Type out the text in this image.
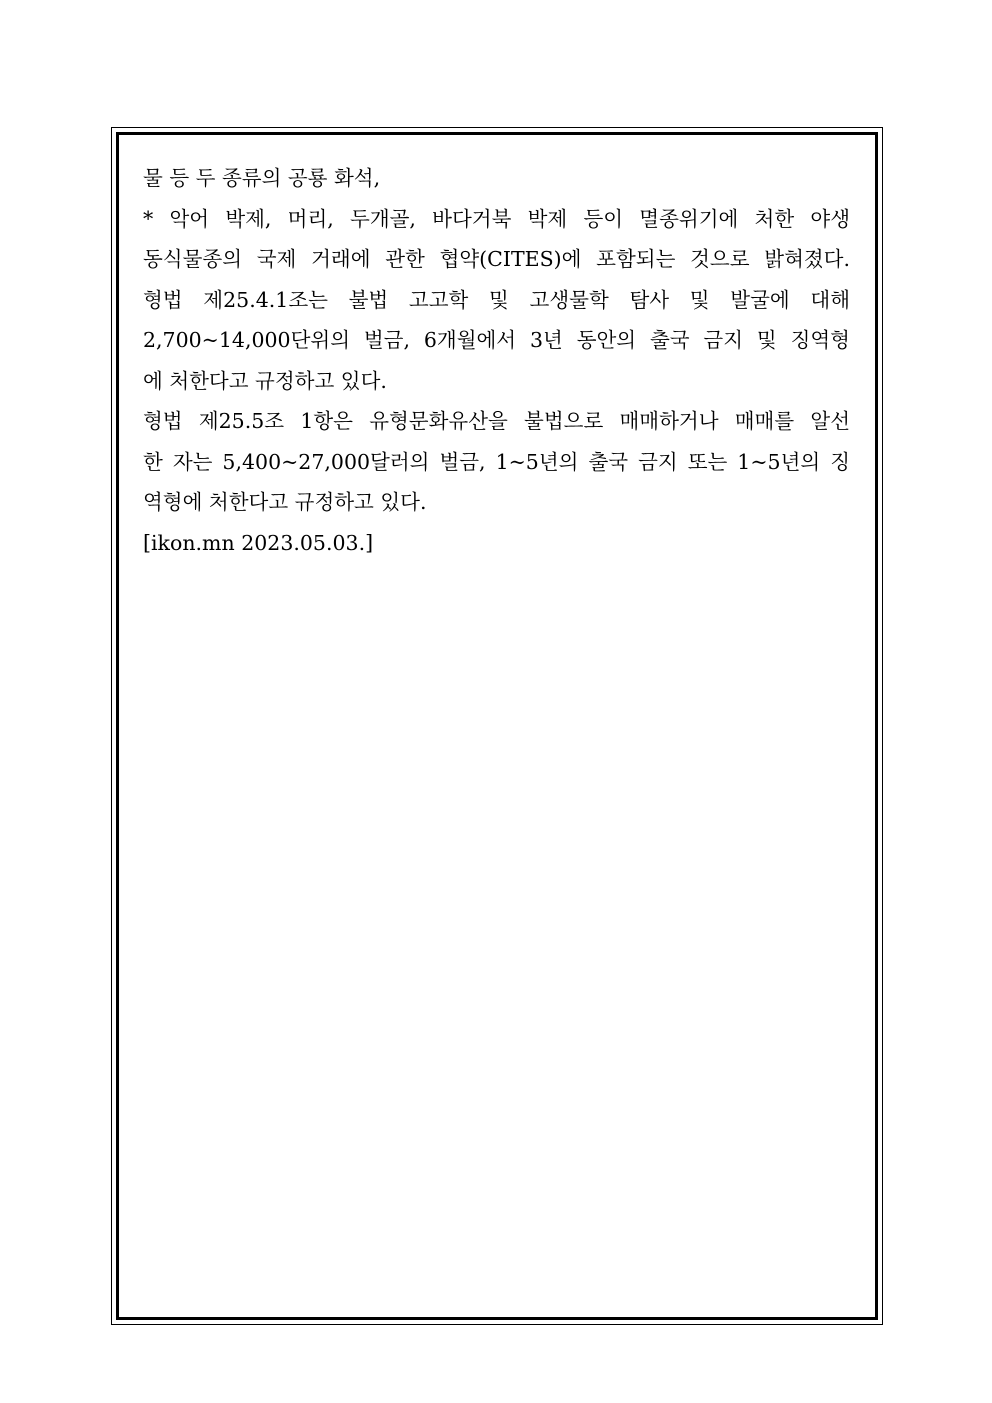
물 등 두 종류의 공룡 화석,
* 악어 박제, 머리, 두개골, 바다거북 박제 등이 멸종위기에 처한 야생
동식물종의 국제 거래에 관한 협약(CITES)에 포함되는 것으로 밝혀졌다.
형법 제25.4.1조는 불법 고고학 및 고생물학 탐사 및 발굴에 대해
2,700~14,000단위의 벌금, 6개월에서 3년 동안의 출국 금지 및 징역형
에 처한다고 규정하고 있다.
형법 제25.5조 1항은 유형문화유산을 불법으로 매매하거나 매매를 알선
한 자는 5,400~27,000달러의 벌금, 1~5년의 출국 금지 또는 1~5년의 징
역형에 처한다고 규정하고 있다.
[ikon.mn 2023.05.03.]
